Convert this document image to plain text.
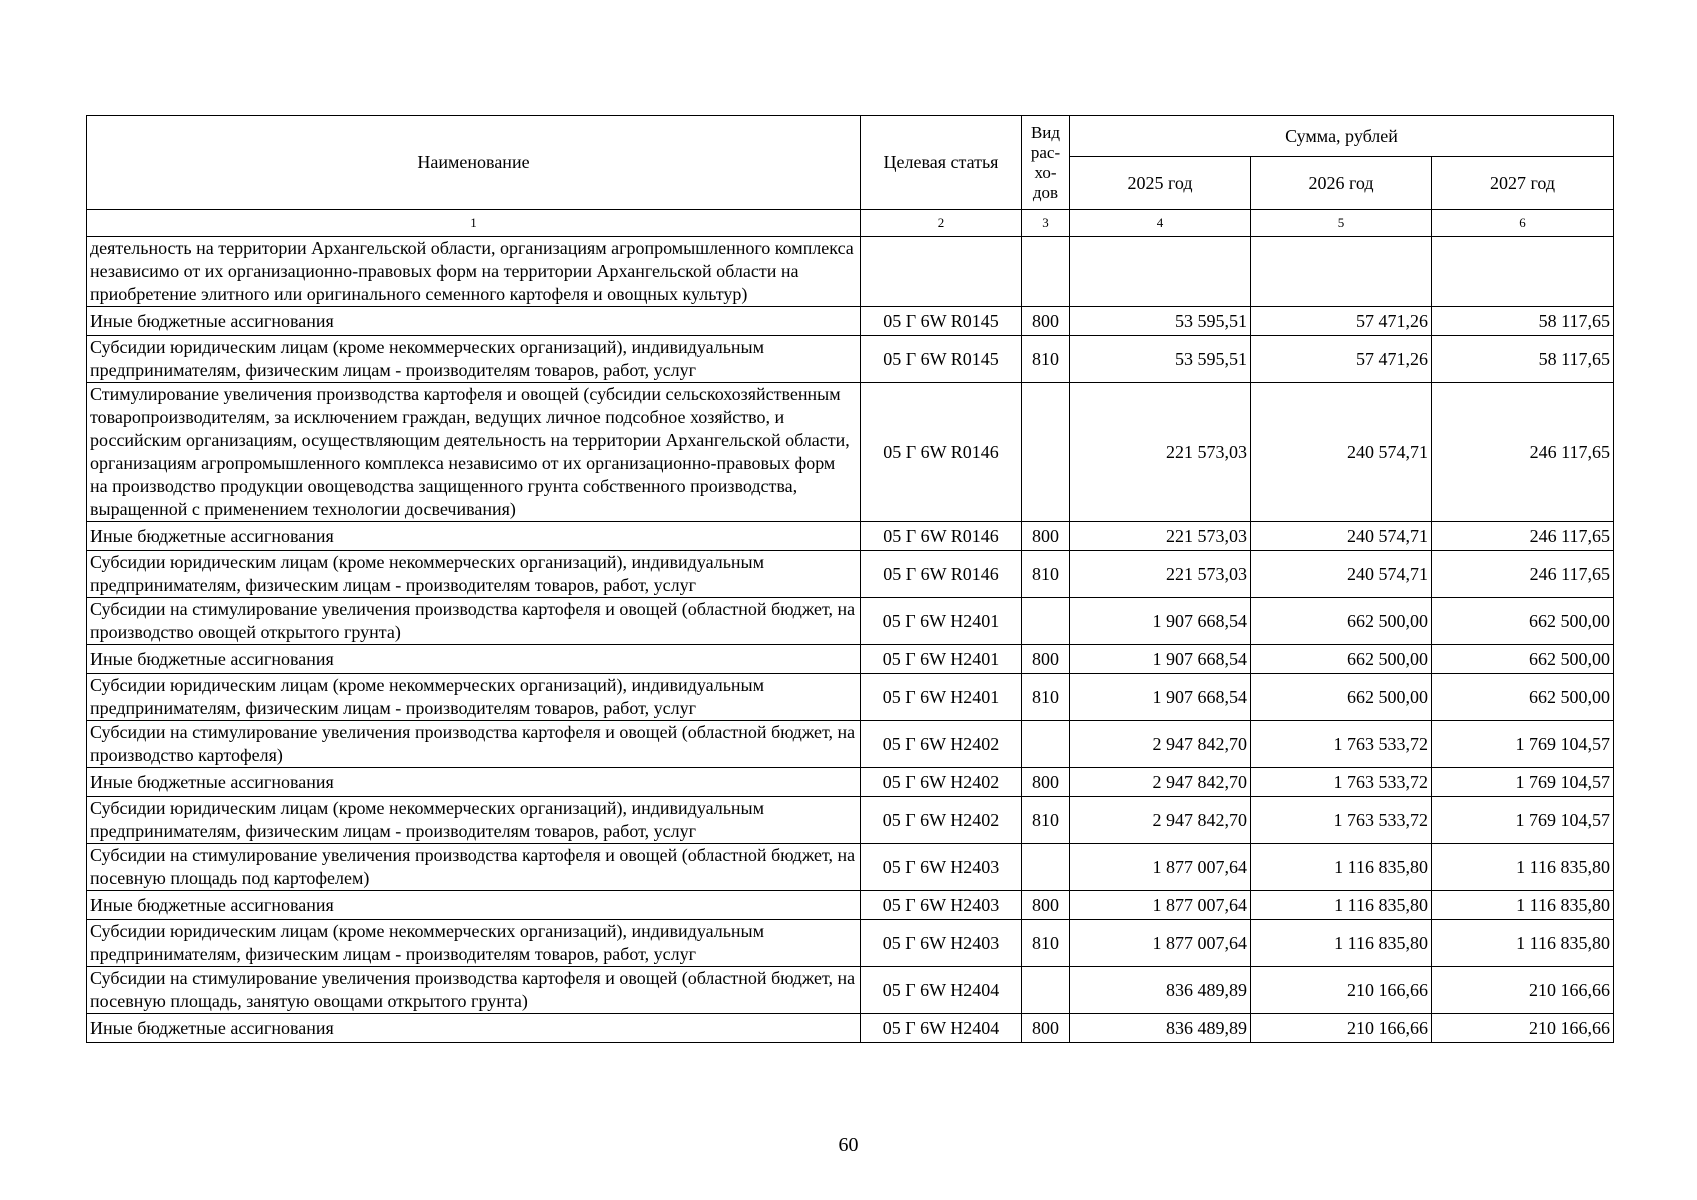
Наименование	Целевая статья	Вид рас- хо- дов	Сумма, рублей		
			2025 год	2026 год	2027 год
1	2	3	4	5	6
деятельность на территории Архангельской области, организациям агропромышленного комплекса независимо от их организационно-правовых форм на территории Архангельской области на приобретение элитного или оригинального семенного картофеля и овощных культур)					
Иные бюджетные ассигнования	05 Г 6W R0145	800	53 595,51	57 471,26	58 117,65
Субсидии юридическим лицам (кроме некоммерческих организаций), индивидуальным предпринимателям, физическим лицам - производителям товаров, работ, услуг	05 Г 6W R0145	810	53 595,51	57 471,26	58 117,65
Стимулирование увеличения производства картофеля и овощей (субсидии сельскохозяйственным товаропроизводителям, за исключением граждан, ведущих личное подсобное хозяйство, и российским организациям, осуществляющим деятельность на территории Архангельской области, организациям агропромышленного комплекса независимо от их организационно-правовых форм на производство продукции овощеводства защищенного грунта собственного производства, выращенной с применением технологии досвечивания)	05 Г 6W R0146		221 573,03	240 574,71	246 117,65
Иные бюджетные ассигнования	05 Г 6W R0146	800	221 573,03	240 574,71	246 117,65
Субсидии юридическим лицам (кроме некоммерческих организаций), индивидуальным предпринимателям, физическим лицам - производителям товаров, работ, услуг	05 Г 6W R0146	810	221 573,03	240 574,71	246 117,65
Субсидии на стимулирование увеличения производства картофеля и овощей (областной бюджет, на производство овощей открытого грунта)	05 Г 6W Н2401		1 907 668,54	662 500,00	662 500,00
Иные бюджетные ассигнования	05 Г 6W Н2401	800	1 907 668,54	662 500,00	662 500,00
Субсидии юридическим лицам (кроме некоммерческих организаций), индивидуальным предпринимателям, физическим лицам - производителям товаров, работ, услуг	05 Г 6W Н2401	810	1 907 668,54	662 500,00	662 500,00
Субсидии на стимулирование увеличения производства картофеля и овощей (областной бюджет, на производство картофеля)	05 Г 6W Н2402		2 947 842,70	1 763 533,72	1 769 104,57
Иные бюджетные ассигнования	05 Г 6W Н2402	800	2 947 842,70	1 763 533,72	1 769 104,57
Субсидии юридическим лицам (кроме некоммерческих организаций), индивидуальным предпринимателям, физическим лицам - производителям товаров, работ, услуг	05 Г 6W Н2402	810	2 947 842,70	1 763 533,72	1 769 104,57
Субсидии на стимулирование увеличения производства картофеля и овощей (областной бюджет, на посевную площадь под картофелем)	05 Г 6W Н2403		1 877 007,64	1 116 835,80	1 116 835,80
Иные бюджетные ассигнования	05 Г 6W Н2403	800	1 877 007,64	1 116 835,80	1 116 835,80
Субсидии юридическим лицам (кроме некоммерческих организаций), индивидуальным предпринимателям, физическим лицам - производителям товаров, работ, услуг	05 Г 6W Н2403	810	1 877 007,64	1 116 835,80	1 116 835,80
Субсидии на стимулирование увеличения производства картофеля и овощей (областной бюджет, на посевную площадь, занятую овощами открытого грунта)	05 Г 6W Н2404		836 489,89	210 166,66	210 166,66
Иные бюджетные ассигнования	05 Г 6W Н2404	800	836 489,89	210 166,66	210 166,66
60
